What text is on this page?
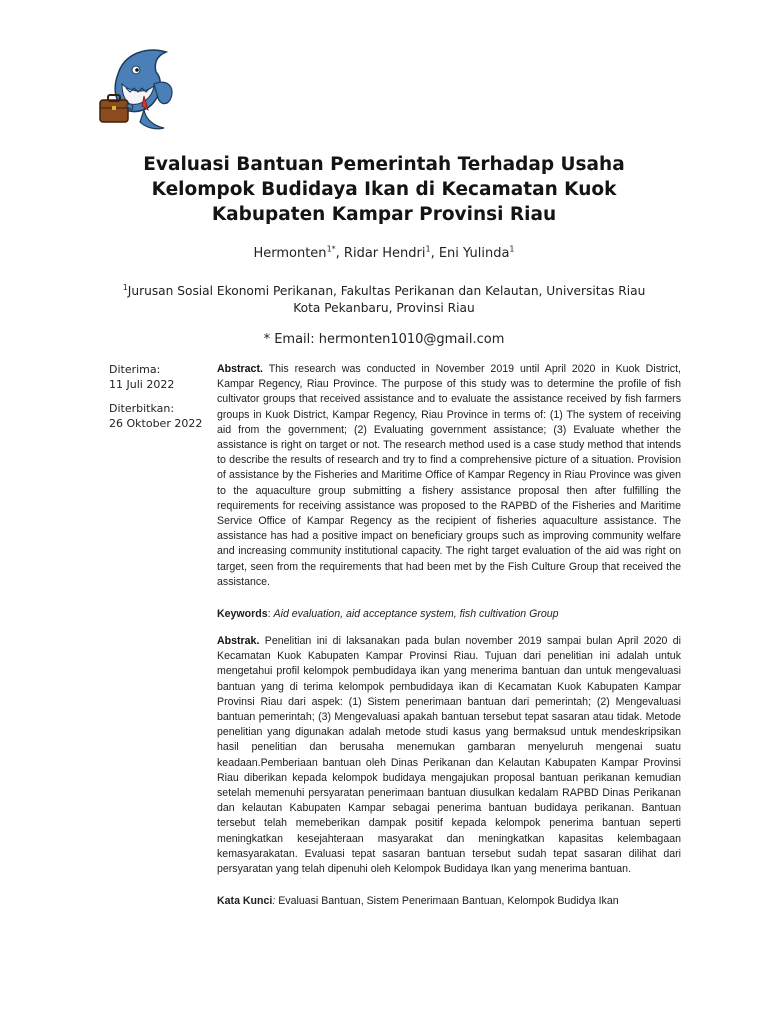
Evaluasi Bantuan Pemerintah Terhadap Usaha Kelompok Budidaya Ikan di Kecamatan Kuok Kabupaten Kampar Provinsi Riau
Hermonten$^{1*}$, Ridar Hendri$^1$, Eni Yulinda$^1$
$^1$Jurusan Sosial Ekonomi Perikanan, Fakultas Perikanan dan Kelautan, Universitas Riau
Kota Pekanbaru, Provinsi Riau
* Email: hermonten1010@gmail.com
Diterima:
11 Juli 2022
Diterbitkan:
26 Oktober 2022

Abstract. This research was conducted in November 2019 until April 2020 in Kuok District, Kampar Regency, Riau Province. The purpose of this study was to determine the profile of fish cultivator groups that received assistance and to evaluate the assistance received by fish farmers groups in Kuok District, Kampar Regency, Riau Province in terms of: (1) The system of receiving aid from the government; (2) Evaluating government assistance; (3) Evaluate whether the assistance is right on target or not. The research method used is a case study method that intends to describe the results of research and try to find a comprehensive picture of a situation. Provision of assistance by the Fisheries and Maritime Office of Kampar Regency in Riau Province was given to the aquaculture group submitting a fishery assistance proposal then after fulfilling the requirements for receiving assistance was proposed to the RAPBD of the Fisheries and Maritime Service Office of Kampar Regency as the recipient of fisheries aquaculture assistance. The assistance has had a positive impact on beneficiary groups such as improving community welfare and increasing community institutional capacity. The right target evaluation of the aid was right on target, seen from the requirements that had been met by the Fish Culture Group that received the assistance.

Keywords: Aid evaluation, aid acceptance system, fish cultivation Group

Abstrak. Penelitian ini di laksanakan pada bulan november 2019 sampai bulan April 2020 di Kecamatan Kuok Kabupaten Kampar Provinsi Riau. Tujuan dari penelitian ini adalah untuk mengetahui profil kelompok pembudidaya ikan yang menerima bantuan dan untuk mengevaluasi bantuan yang di terima kelompok pembudidaya ikan di Kecamatan Kuok Kabupaten Kampar Provinsi Riau dari aspek: (1) Sistem penerimaan bantuan dari pemerintah; (2) Mengevaluasi bantuan pemerintah; (3) Mengevaluasi apakah bantuan tersebut tepat sasaran atau tidak. Metode penelitian yang digunakan adalah metode studi kasus yang bermaksud untuk mendeskripsikan hasil penelitian dan berusaha menemukan gambaran menyeluruh mengenai suatu keadaan.Pemberiaan bantuan oleh Dinas Perikanan dan Kelautan Kabupaten Kampar Provinsi Riau diberikan kepada kelompok budidaya mengajukan proposal bantuan perikanan kemudian setelah memenuhi persyaratan penerimaan bantuan diusulkan kedalam RAPBD Dinas Perikanan dan kelautan Kabupaten Kampar sebagai penerima bantuan budidaya perikanan. Bantuan tersebut telah memeberikan dampak positif kepada kelompok penerima bantuan seperti meningkatkan kesejahteraan masyarakat dan meningkatkan kapasitas kelembagaan kemasyarakatan. Evaluasi tepat sasaran bantuan tersebut sudah tepat sasaran dilihat dari persyaratan yang telah dipenuhi oleh Kelompok Budidaya Ikan yang menerima bantuan.

Kata Kunci: Evaluasi Bantuan, Sistem Penerimaan Bantuan, Kelompok Budidya Ikan
